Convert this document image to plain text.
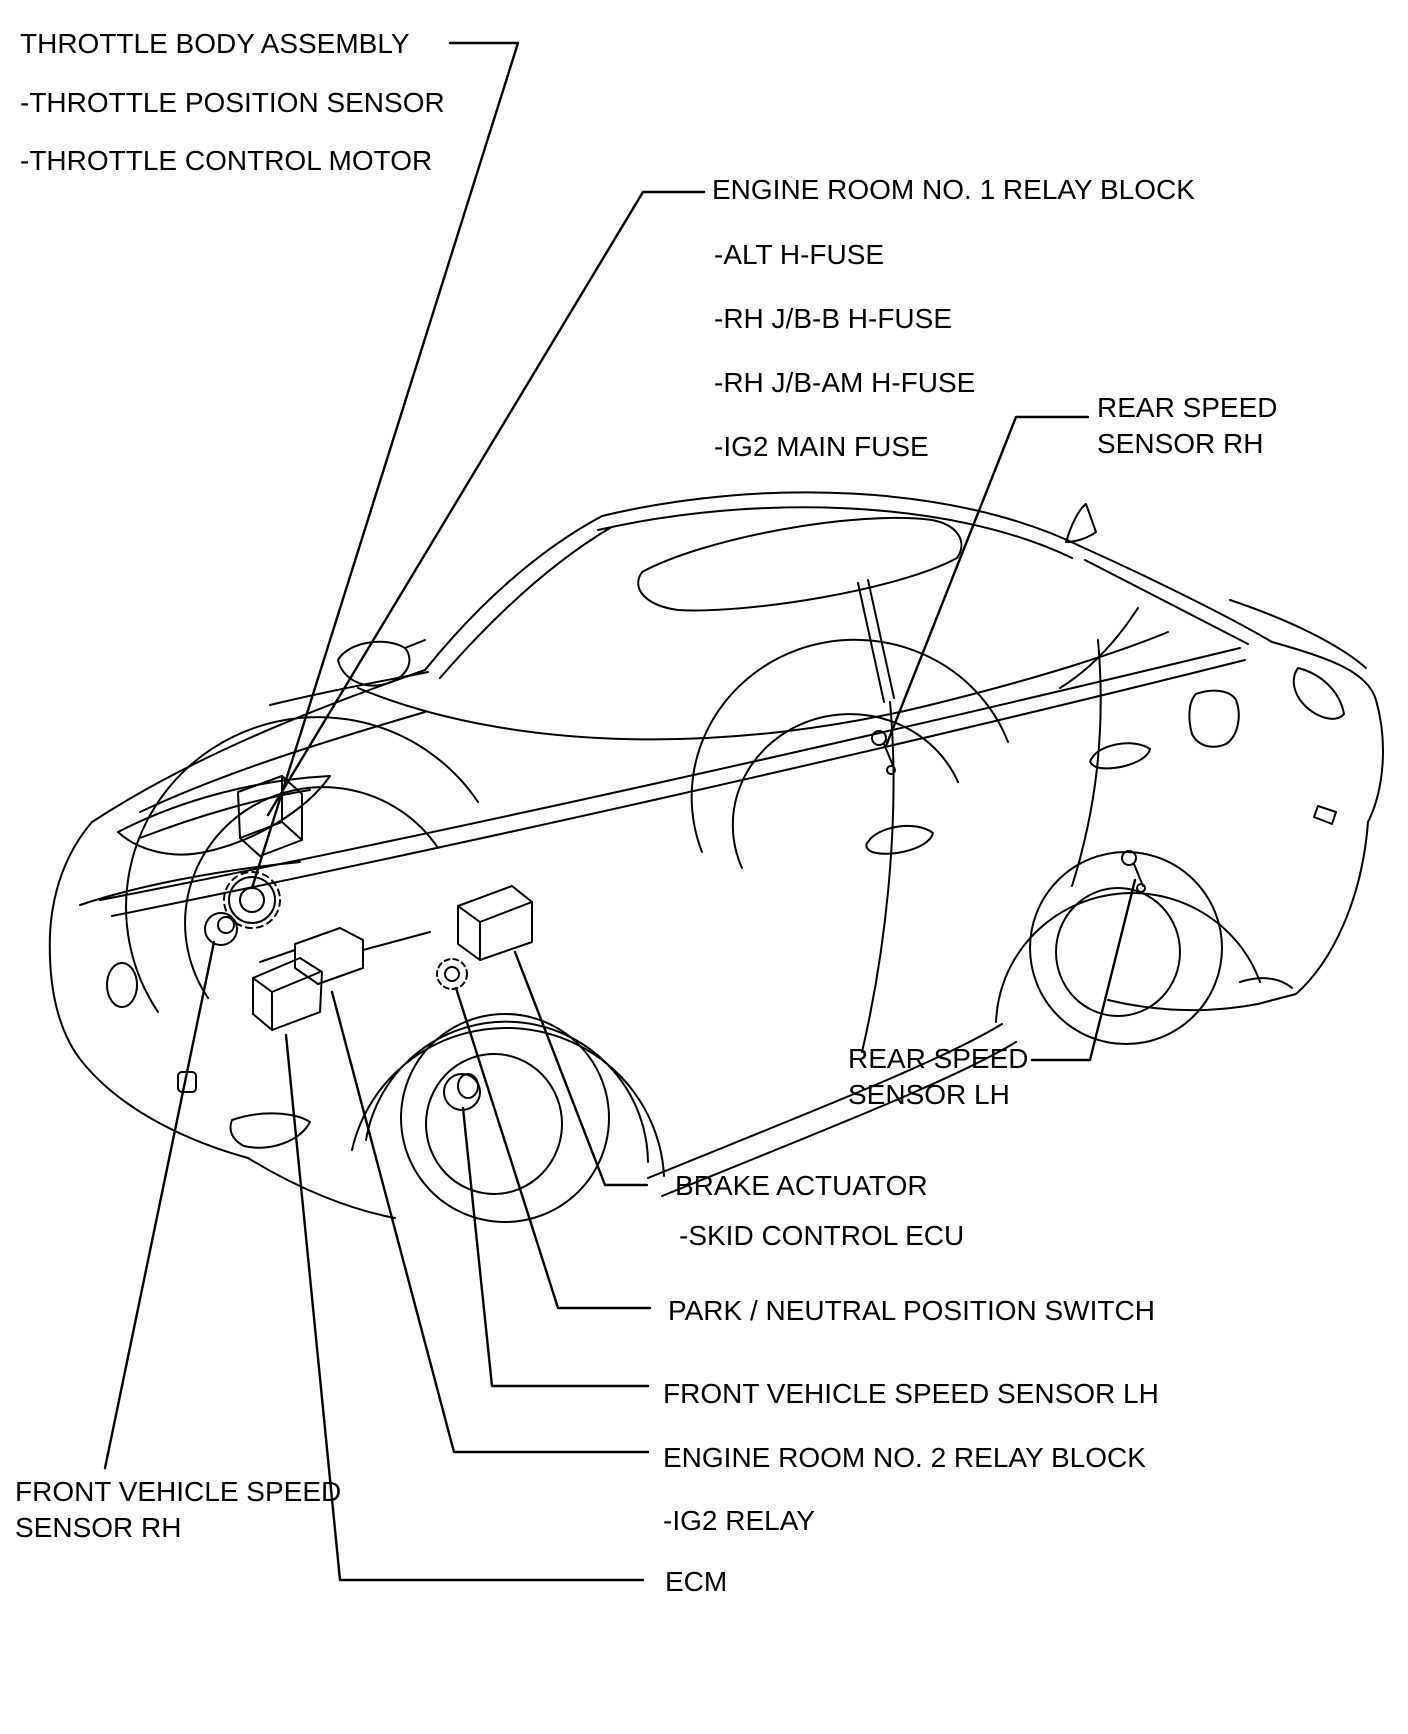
THROTTLE BODY ASSEMBLY
-THROTTLE POSITION SENSOR
-THROTTLE CONTROL MOTOR
ENGINE ROOM NO. 1 RELAY BLOCK
-ALT H-FUSE
-RH J/B-B H-FUSE
-RH J/B-AM H-FUSE
-IG2 MAIN FUSE
REAR SPEED
SENSOR RH
REAR SPEED
SENSOR LH
BRAKE ACTUATOR
-SKID CONTROL ECU
PARK / NEUTRAL POSITION SWITCH
FRONT VEHICLE SPEED SENSOR LH
ENGINE ROOM NO. 2 RELAY BLOCK
-IG2 RELAY
ECM
FRONT VEHICLE SPEED
SENSOR RH
